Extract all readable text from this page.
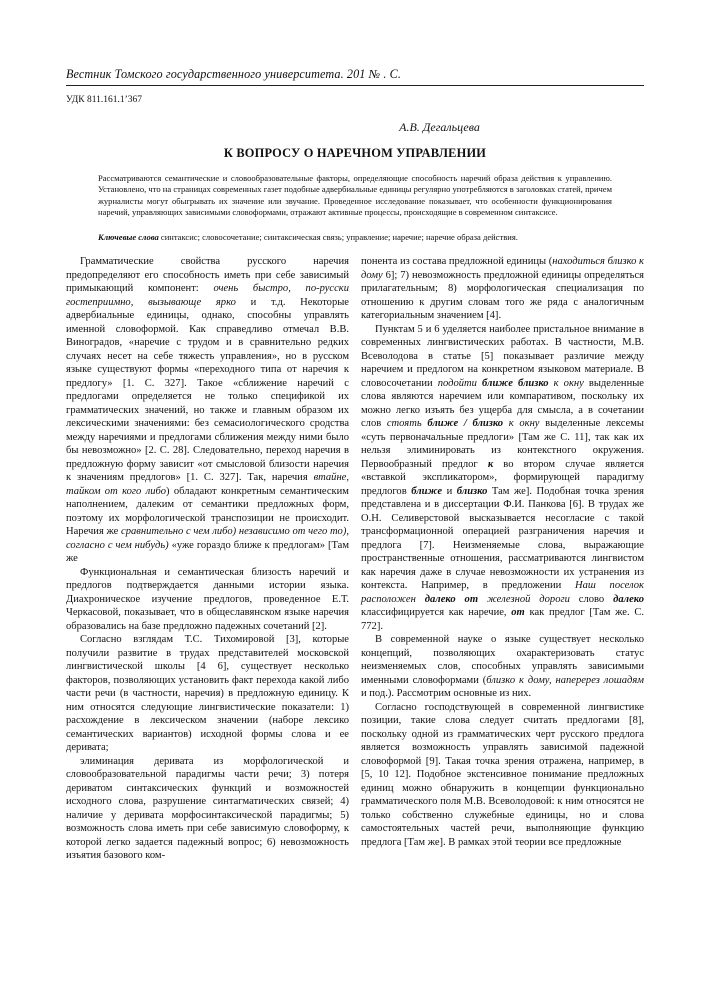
Вестник Томского государственного университета. 201 № . С.
УДК 811.161.1’367
А.В. Дегальцева
К ВОПРОСУ О НАРЕЧНОМ УПРАВЛЕНИИ
Рассматриваются семантические и словообразовательные факторы, определяющие способность наречий образа действия к управлению. Установлено, что на страницах современных газет подобные адвербиальные единицы регулярно употребляются в заголовках статей, причем журналисты могут обыгрывать их значение или звучание. Проведенное исследование показывает, что особенности функционирования наречий, управляющих зависимыми словоформами, отражают активные процессы, происходящие в современном синтаксисе.
Ключевые слова синтаксис; словосочетание; синтаксическая связь; управление; наречие; наречие образа действия.

Грамматические свойства русского наречия предопределяют его способность иметь при себе зависимый примыкающий компонент: очень быстро, по-русски гостеприимно, вызывающе ярко и т.д. Некоторые адвербиальные единицы, однако, способны управлять именной словоформой. Как справедливо отмечал В.В. Виноградов, «наречие с трудом и в сравнительно редких случаях несет на себе тяжесть управления», но в русском языке существуют формы «переходного типа от наречия к предлогу» [1. С. 327]. Такое «сближение наречий с предлогами определяется не только спецификой их грамматических значений, но также и главным образом их лексическими значениями: без семасиологического сродства между наречиями и предлогами сближения между ними было бы невозможно» [2. С. 28]. Следовательно, переход наречия в предложную форму зависит «от смысловой близости наречия к значениям предлогов» [1. С. 327]. Так, наречия втайне, тайком от кого либо) обладают конкретным семантическим наполнением, далеким от семантики предложных форм, поэтому их морфологической транспозиции не происходит. Наречия же сравнительно с чем либо) независимо от чего то), согласно с чем нибудь) «уже гораздо ближе к предлогам» [Там же

Функциональная и семантическая близость наречий и предлогов подтверждается данными истории языка. Диахроническое изучение предлогов, проведенное Е.Т. Черкасовой, показывает, что в общеславянском языке наречия образовались на базе предложно падежных сочетаний [2].

Согласно взглядам Т.С. Тихомировой [3], которые получили развитие в трудах представителей московской лингвистической школы [4 6], существует несколько факторов, позволяющих установить факт перехода какой либо части речи (в частности, наречия) в предложную единицу. К ним относятся следующие лингвистические показатели: 1) расхождение в лексическом значении (наборе лексико семантических вариантов) исходной формы слова и ее деривата;

элиминация деривата из морфологической и словообразовательной парадигмы части речи; 3) потеря дериватом синтаксических функций и возможностей исходного слова, разрушение синтагматических связей; 4) наличие у деривата морфосинтаксической парадигмы; 5) возможность слова иметь при себе зависимую словоформу, к которой легко задается падежный вопрос; 6) невозможность изъятия базового ком-

понента из состава предложной единицы (находиться близко к дому 6]; 7) невозможность предложной единицы определяться прилагательным; 8) морфологическая специализация по отношению к другим словам того же ряда с аналогичным категориальным значением [4].

Пунктам 5 и 6 уделяется наиболее пристальное внимание в современных лингвистических работах. В частности, М.В. Всеволодова в статье [5] показывает различие между наречием и предлогом на конкретном языковом материале. В словосочетании подойти ближе близко к окну выделенные слова являются наречием или компаративом, поскольку их можно легко изъять без ущерба для смысла, а в сочетании слов стоять ближе / близко к окну выделенные лексемы «суть первоначальные предлоги» [Там же С. 11], так как их нельзя элиминировать из контекстного окружения. Первообразный предлог к во втором случае является «вставкой экспликатором», формирующей парадигму предлогов ближе и близко Там же]. Подобная точка зрения представлена и в диссертации Ф.И. Панкова [6]. В трудах же О.Н. Селиверстовой высказывается несогласие с такой трансформационной операцией разграничения наречия и предлога [7]. Неизменяемые слова, выражающие пространственные отношения, рассматриваются лингвистом как наречия даже в случае невозможности их устранения из контекста. Например, в предложении Наш поселок расположен далеко от железной дороги слово далеко классифицируется как наречие, от как предлог [Там же. С. 772].

В современной науке о языке существует несколько концепций, позволяющих охарактеризовать статус неизменяемых слов, способных управлять зависимыми именными словоформами (близко к дому, наперерез лошадям и под.). Рассмотрим основные из них.

Согласно господствующей в современной лингвистике позиции, такие слова следует считать предлогами [8], поскольку одной из грамматических черт русского предлога является возможность управлять зависимой падежной словоформой [9]. Такая точка зрения отражена, например, в [5, 10 12]. Подобное экстенсивное понимание предложных единиц можно обнаружить в концепции функционально грамматического поля М.В. Всеволодовой: к ним относятся не только собственно служебные единицы, но и слова самостоятельных частей речи, выполняющие функцию предлога [Там же]. В рамках этой теории все предложные
